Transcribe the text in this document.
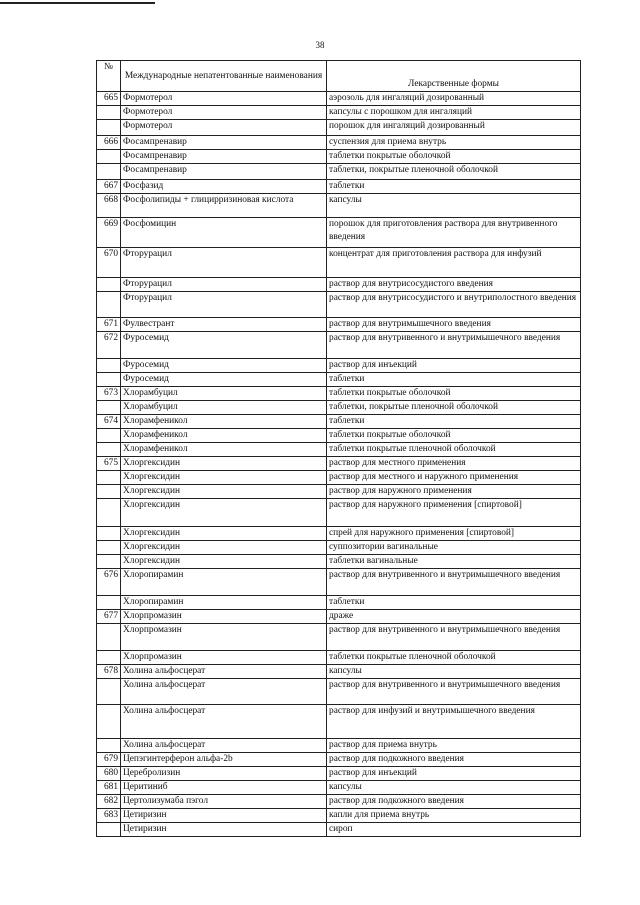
38
№	Международные непатентованные наименования	Лекарственные формы
665	Формотерол	аэрозоль для ингаляций дозированный
	Формотерол	капсулы с порошком для ингаляций
	Формотерол	порошок для ингаляций дозированный
666	Фосампренавир	суспензия для приема внутрь
	Фосампренавир	таблетки покрытые оболочкой
	Фосампренавир	таблетки, покрытые пленочной оболочкой
667	Фосфазид	таблетки
668	Фосфолипиды + глицирризиновая кислота	капсулы
669	Фосфомицин	порошок для приготовления раствора для внутривенного введения
670	Фторурацил	концентрат для приготовления раствора для инфузий
	Фторурацил	раствор для внутрисосудистого введения
	Фторурацил	раствор для внутрисосудистого и внутриполостного введения
671	Фулвестрант	раствор для внутримышечного введения
672	Фуросемид	раствор для внутривенного и внутримышечного введения
	Фуросемид	раствор для инъекций
	Фуросемид	таблетки
673	Хлорамбуцил	таблетки покрытые оболочкой
	Хлорамбуцил	таблетки, покрытые пленочной оболочкой
674	Хлорамфеникол	таблетки
	Хлорамфеникол	таблетки покрытые оболочкой
	Хлорамфеникол	таблетки покрытые пленочной оболочкой
675	Хлоргексидин	раствор для местного применения
	Хлоргексидин	раствор для местного и наружного применения
	Хлоргексидин	раствор для наружного применения
	Хлоргексидин	раствор для наружного применения [спиртовой]
	Хлоргексидин	спрей для наружного применения [спиртовой]
	Хлоргексидин	суппозитории вагинальные
	Хлоргексидин	таблетки вагинальные
676	Хлоропирамин	раствор для внутривенного и внутримышечного введения
	Хлоропирамин	таблетки
677	Хлорпромазин	драже
	Хлорпромазин	раствор для внутривенного и внутримышечного введения
	Хлорпромазин	таблетки покрытые пленочной оболочкой
678	Холина альфосцерат	капсулы
	Холина альфосцерат	раствор для внутривенного и внутримышечного введения
	Холина альфосцерат	раствор для инфузий и внутримышечного введения
	Холина альфосцерат	раствор для приема внутрь
679	Цепэгинтерферон альфа-2b	раствор для подкожного введения
680	Церебролизин	раствор для инъекций
681	Церитиниб	капсулы
682	Цертолизумаба пэгол	раствор для подкожного введения
683	Цетиризин	капли для приема внутрь
	Цетиризин	сироп
